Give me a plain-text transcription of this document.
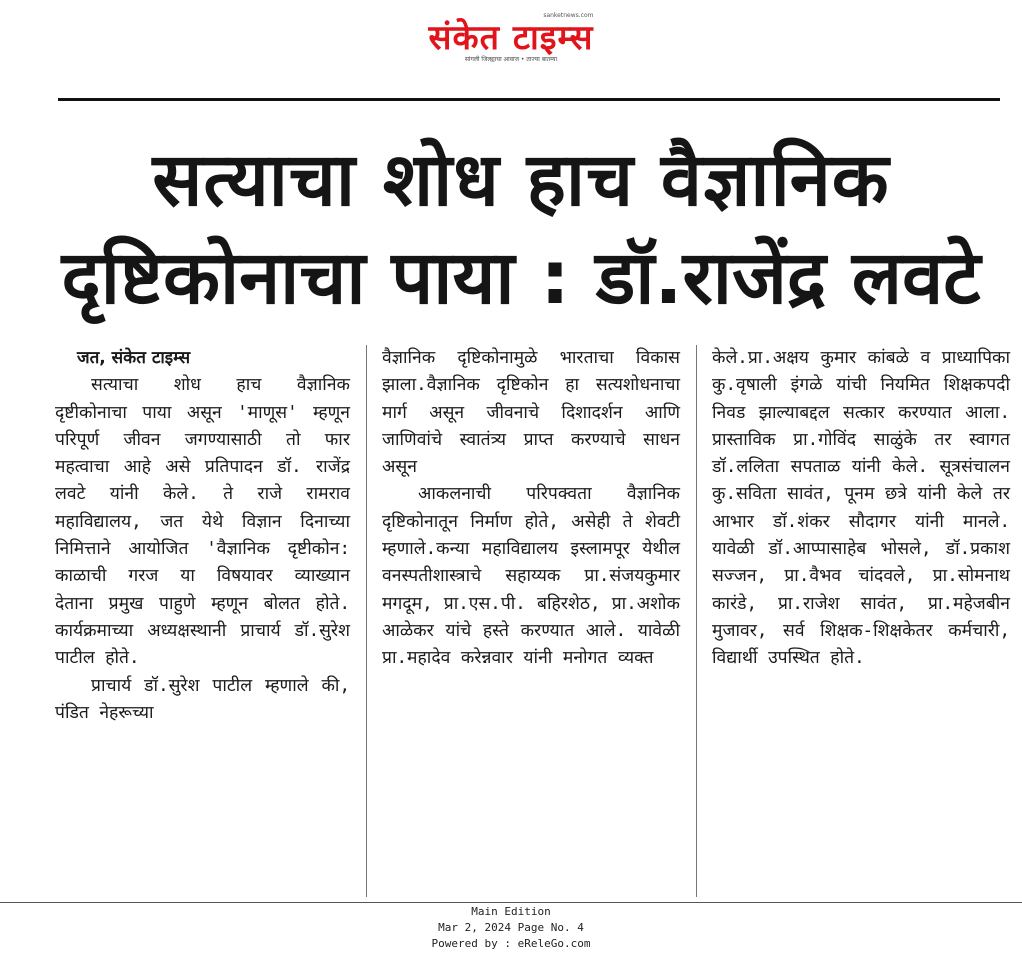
sanketnews.com
संकेत टाइम्स
सांगली जिल्ह्याचा आवाज • ताज्या बातम्या
सत्याचा शोध हाच वैज्ञानिक
दृष्टिकोनाचा पाया : डॉ.राजेंद्र लवटे

जत, संकेत टाइम्स

सत्याचा शोध हाच वैज्ञानिक दृष्टीकोनाचा पाया असून 'माणूस' म्हणून परिपूर्ण जीवन जगण्यासाठी तो फार महत्वाचा आहे असे प्रतिपादन डॉ. राजेंद्र लवटे यांनी केले. ते राजे रामराव महाविद्यालय, जत येथे विज्ञान दिनाच्या निमित्ताने आयोजित 'वैज्ञानिक दृष्टीकोन: काळाची गरज या विषयावर व्याख्यान देताना प्रमुख पाहुणे म्हणून बोलत होते. कार्यक्रमाच्या अध्यक्षस्थानी प्राचार्य डॉ.सुरेश पाटील होते.

प्राचार्य डॉ.सुरेश पाटील म्हणाले की, पंडित नेहरूच्या

वैज्ञानिक दृष्टिकोनामुळे भारताचा विकास झाला.वैज्ञानिक दृष्टिकोन हा सत्यशोधनाचा मार्ग असून जीवनाचे दिशादर्शन आणि जाणिवांचे स्वातंत्र्य प्राप्त करण्याचे साधन असून

आकलनाची परिपक्वता वैज्ञानिक दृष्टिकोनातून निर्माण होते, असेही ते शेवटी म्हणाले.कन्या महाविद्यालय इस्लामपूर येथील वनस्पतीशास्त्राचे सहाय्यक प्रा.संजयकुमार मगदूम, प्रा.एस.पी. बहिरशेठ, प्रा.अशोक आळेकर यांचे हस्ते करण्यात आले. यावेळी प्रा.महादेव करेन्नवार यांनी मनोगत व्यक्त

केले.प्रा.अक्षय कुमार कांबळे व प्राध्यापिका कु.वृषाली इंगळे यांची नियमित शिक्षकपदी निवड झाल्याबद्दल सत्कार करण्यात आला. प्रास्ताविक प्रा.गोविंद साळुंके तर स्वागत डॉ.ललिता सपताळ यांनी केले. सूत्रसंचालन कु.सविता सावंत, पूनम छत्रे यांनी केले तर आभार डॉ.शंकर सौदागर यांनी मानले. यावेळी डॉ.आप्पासाहेब भोसले, डॉ.प्रकाश सज्जन, प्रा.वैभव चांदवले, प्रा.सोमनाथ कारंडे, प्रा.राजेश सावंत, प्रा.महेजबीन मुजावर, सर्व शिक्षक-शिक्षकेतर कर्मचारी, विद्यार्थी उपस्थित होते.

Main Edition
Mar 2, 2024 Page No. 4
Powered by : eReleGo.com
